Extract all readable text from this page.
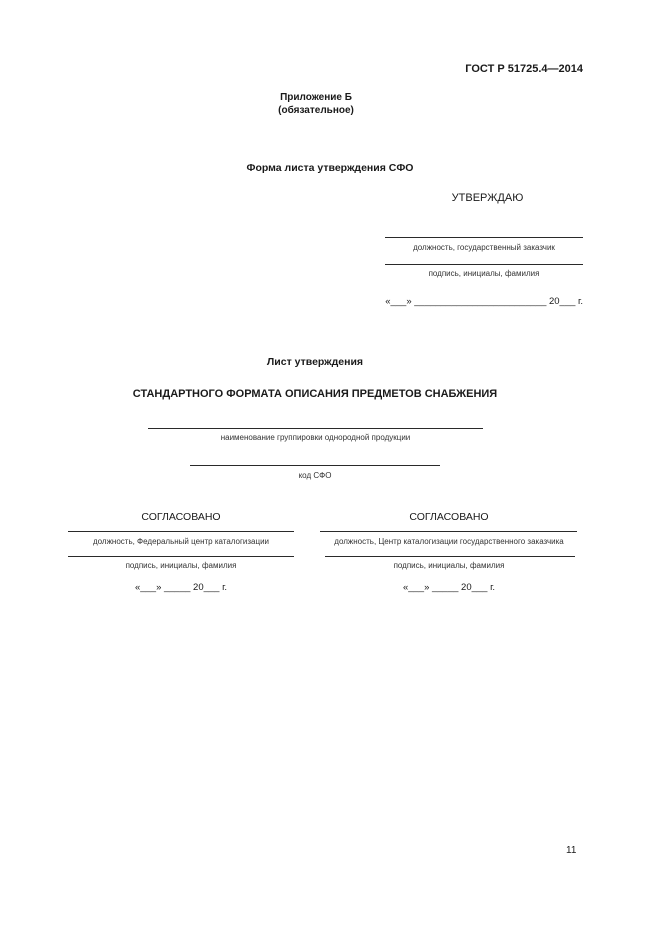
ГОСТ Р 51725.4—2014
Приложение Б
(обязательное)
Форма листа утверждения СФО
УТВЕРЖДАЮ
должность, государственный заказчик
подпись, инициалы, фамилия
«___» _________________________ 20___ г.
Лист утверждения
СТАНДАРТНОГО ФОРМАТА ОПИСАНИЯ ПРЕДМЕТОВ СНАБЖЕНИЯ
наименование группировки однородной продукции
код СФО
СОГЛАСОВАНО
должность, Федеральный центр каталогизации
подпись, инициалы, фамилия
«___» _____ 20___ г.
СОГЛАСОВАНО
должность, Центр каталогизации государственного заказчика
подпись, инициалы, фамилия
«___» _____ 20___ г.
11
